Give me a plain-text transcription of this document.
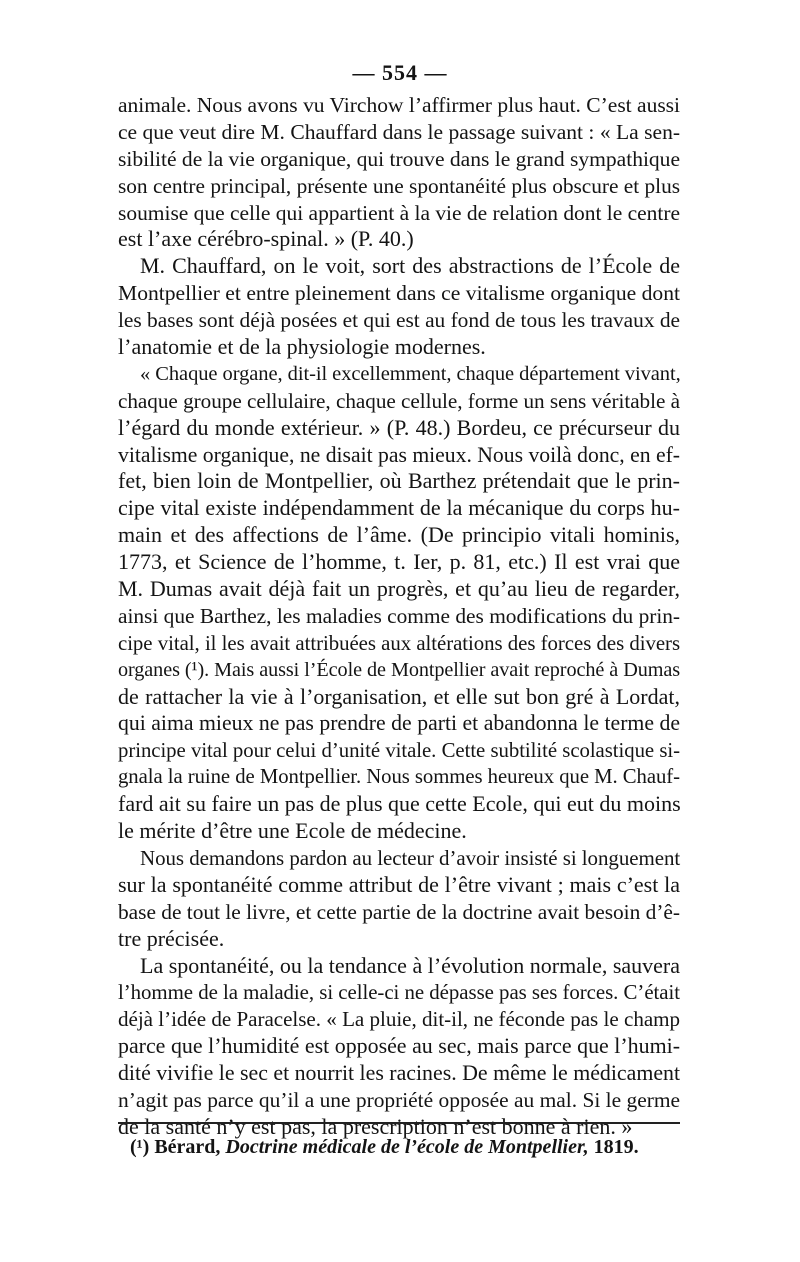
— 554 —
animale. Nous avons vu Virchow l’affirmer plus haut. C’est aussi
ce que veut dire M. Chauffard dans le passage suivant : « La sen-
sibilité de la vie organique, qui trouve dans le grand sympathique
son centre principal, présente une spontanéité plus obscure et plus
soumise que celle qui appartient à la vie de relation dont le centre
est l’axe cérébro-spinal. » (P. 40.)
M. Chauffard, on le voit, sort des abstractions de l’École de
Montpellier et entre pleinement dans ce vitalisme organique dont
les bases sont déjà posées et qui est au fond de tous les travaux de
l’anatomie et de la physiologie modernes.
« Chaque organe, dit-il excellemment, chaque département vivant,
chaque groupe cellulaire, chaque cellule, forme un sens véritable à
l’égard du monde extérieur. » (P. 48.) Bordeu, ce précurseur du
vitalisme organique, ne disait pas mieux. Nous voilà donc, en ef-
fet, bien loin de Montpellier, où Barthez prétendait que le prin-
cipe vital existe indépendamment de la mécanique du corps hu-
main et des affections de l’âme. (De principio vitali hominis,
1773, et Science de l’homme, t. Ier, p. 81, etc.) Il est vrai que
M. Dumas avait déjà fait un progrès, et qu’au lieu de regarder,
ainsi que Barthez, les maladies comme des modifications du prin-
cipe vital, il les avait attribuées aux altérations des forces des divers
organes (¹). Mais aussi l’École de Montpellier avait reproché à Dumas
de rattacher la vie à l’organisation, et elle sut bon gré à Lordat,
qui aima mieux ne pas prendre de parti et abandonna le terme de
principe vital pour celui d’unité vitale. Cette subtilité scolastique si-
gnala la ruine de Montpellier. Nous sommes heureux que M. Chauf-
fard ait su faire un pas de plus que cette Ecole, qui eut du moins
le mérite d’être une Ecole de médecine.
Nous demandons pardon au lecteur d’avoir insisté si longuement
sur la spontanéité comme attribut de l’être vivant ; mais c’est la
base de tout le livre, et cette partie de la doctrine avait besoin d’ê-
tre précisée.
La spontanéité, ou la tendance à l’évolution normale, sauvera
l’homme de la maladie, si celle-ci ne dépasse pas ses forces. C’était
déjà l’idée de Paracelse. « La pluie, dit-il, ne féconde pas le champ
parce que l’humidité est opposée au sec, mais parce que l’humi-
dité vivifie le sec et nourrit les racines. De même le médicament
n’agit pas parce qu’il a une propriété opposée au mal. Si le germe
de la santé n’y est pas, la prescription n’est bonne à rien. »
(¹) Bérard, Doctrine médicale de l’école de Montpellier, 1819.
